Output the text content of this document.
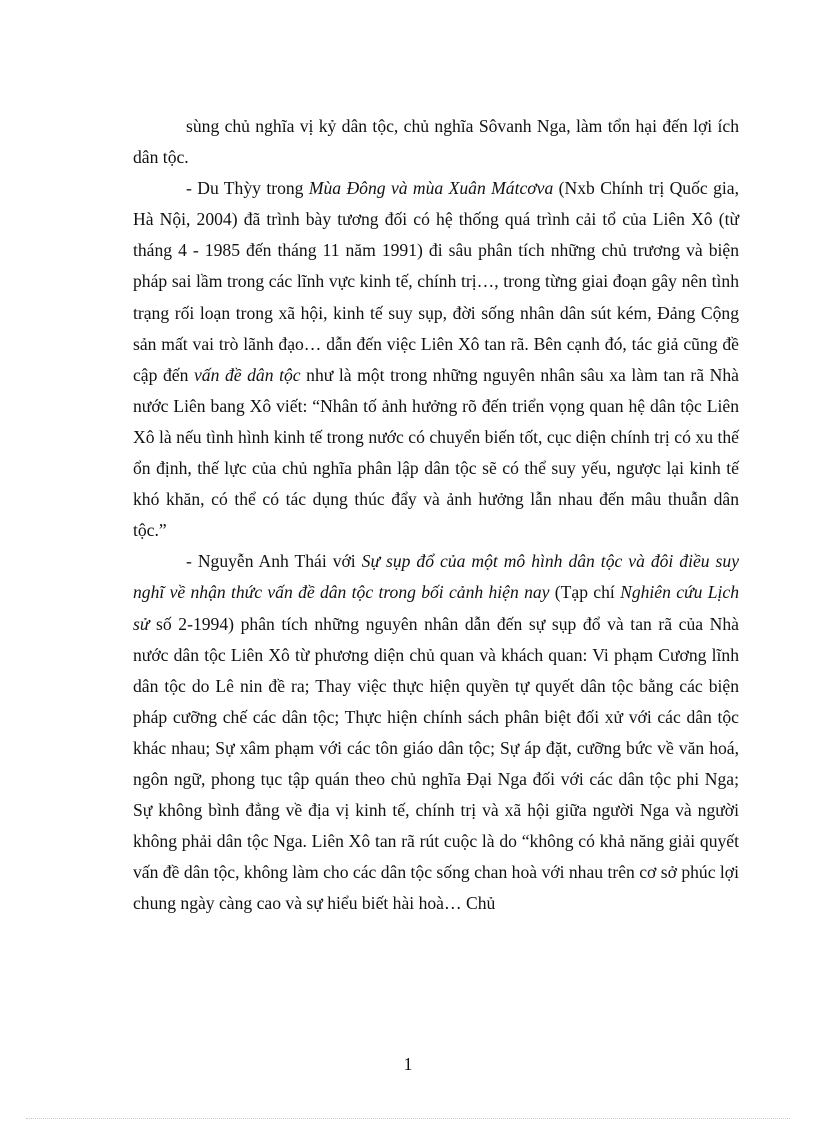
sùng chủ nghĩa vị kỷ dân tộc, chủ nghĩa Sôvanh Nga, làm tổn hại đến lợi ích dân tộc.

- Du Thỳy trong Mùa Đông và mùa Xuân Mátcơva (Nxb Chính trị Quốc gia, Hà Nội, 2004) đã trình bày tương đối có hệ thống quá trình cải tổ của Liên Xô (từ tháng 4 - 1985 đến tháng 11 năm 1991) đi sâu phân tích những chủ trương và biện pháp sai lầm trong các lĩnh vực kinh tế, chính trị…, trong từng giai đoạn gây nên tình trạng rối loạn trong xã hội, kinh tế suy sụp, đời sống nhân dân sút kém, Đảng Cộng sản mất vai trò lãnh đạo… dẫn đến việc Liên Xô tan rã. Bên cạnh đó, tác giả cũng đề cập đến vấn đề dân tộc như là một trong những nguyên nhân sâu xa làm tan rã Nhà nước Liên bang Xô viết: “Nhân tố ảnh hưởng rõ đến triển vọng quan hệ dân tộc Liên Xô là nếu tình hình kinh tế trong nước có chuyển biến tốt, cục diện chính trị có xu thế ổn định, thế lực của chủ nghĩa phân lập dân tộc sẽ có thể suy yếu, ngược lại kinh tế khó khăn, có thể có tác dụng thúc đẩy và ảnh hưởng lẫn nhau đến mâu thuẫn dân tộc.”

- Nguyễn Anh Thái với Sự sụp đổ của một mô hình dân tộc và đôi điều suy nghĩ về nhận thức vấn đề dân tộc trong bối cảnh hiện nay (Tạp chí Nghiên cứu Lịch sử số 2-1994) phân tích những nguyên nhân dẫn đến sự sụp đổ và tan rã của Nhà nước dân tộc Liên Xô từ phương diện chủ quan và khách quan: Vi phạm Cương lĩnh dân tộc do Lê nin đề ra; Thay việc thực hiện quyền tự quyết dân tộc bằng các biện pháp cưỡng chế các dân tộc; Thực hiện chính sách phân biệt đối xử với các dân tộc khác nhau; Sự xâm phạm với các tôn giáo dân tộc; Sự áp đặt, cưỡng bức về văn hoá, ngôn ngữ, phong tục tập quán theo chủ nghĩa Đại Nga đối với các dân tộc phi Nga; Sự không bình đẳng về địa vị kinh tế, chính trị và xã hội giữa người Nga và người không phải dân tộc Nga. Liên Xô tan rã rút cuộc là do “không có khả năng giải quyết vấn đề dân tộc, không làm cho các dân tộc sống chan hoà với nhau trên cơ sở phúc lợi chung ngày càng cao và sự hiểu biết hài hoà… Chủ

1
